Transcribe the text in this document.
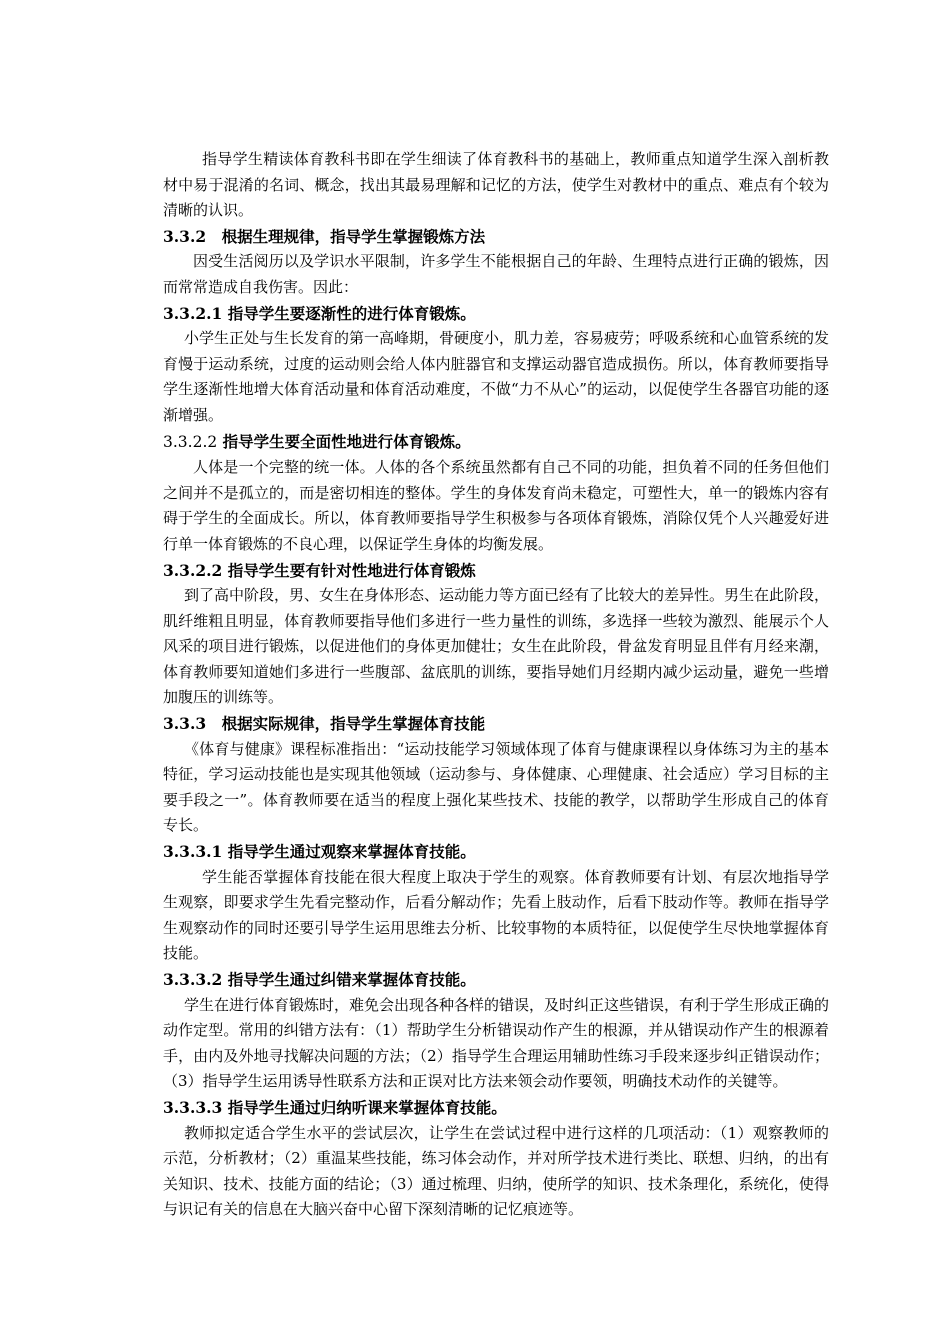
指导学生精读体育教科书即在学生细读了体育教科书的基础上，教师重点知道学生深入剖析教材中易于混淆的名词、概念，找出其最易理解和记忆的方法，使学生对教材中的重点、难点有个较为清晰的认识。

3.3.2　根据生理规律，指导学生掌握锻炼方法

因受生活阅历以及学识水平限制，许多学生不能根据自己的年龄、生理特点进行正确的锻炼，因而常常造成自我伤害。因此：

3.3.2.1 指导学生要逐渐性的进行体育锻炼。

小学生正处与生长发育的第一高峰期，骨硬度小，肌力差，容易疲劳；呼吸系统和心血管系统的发育慢于运动系统，过度的运动则会给人体内脏器官和支撑运动器官造成损伤。所以，体育教师要指导学生逐渐性地增大体育活动量和体育活动难度，不做“力不从心”的运动，以促使学生各器官功能的逐渐增强。

3.3.2.2 指导学生要全面性地进行体育锻炼。

人体是一个完整的统一体。人体的各个系统虽然都有自己不同的功能，担负着不同的任务但他们之间并不是孤立的，而是密切相连的整体。学生的身体发育尚未稳定，可塑性大，单一的锻炼内容有碍于学生的全面成长。所以，体育教师要指导学生积极参与各项体育锻炼，消除仅凭个人兴趣爱好进行单一体育锻炼的不良心理，以保证学生身体的均衡发展。

3.3.2.2 指导学生要有针对性地进行体育锻炼

到了高中阶段，男、女生在身体形态、运动能力等方面已经有了比较大的差异性。男生在此阶段，肌纤维粗且明显，体育教师要指导他们多进行一些力量性的训练，多选择一些较为激烈、能展示个人风采的项目进行锻炼，以促进他们的身体更加健壮；女生在此阶段，骨盆发育明显且伴有月经来潮，体育教师要知道她们多进行一些腹部、盆底肌的训练，要指导她们月经期内减少运动量，避免一些增加腹压的训练等。

3.3.3　根据实际规律，指导学生掌握体育技能

《体育与健康》课程标准指出：“运动技能学习领域体现了体育与健康课程以身体练习为主的基本特征，学习运动技能也是实现其他领域（运动参与、身体健康、心理健康、社会适应）学习目标的主要手段之一”。体育教师要在适当的程度上强化某些技术、技能的教学，以帮助学生形成自己的体育专长。

3.3.3.1 指导学生通过观察来掌握体育技能。

学生能否掌握体育技能在很大程度上取决于学生的观察。体育教师要有计划、有层次地指导学生观察，即要求学生先看完整动作，后看分解动作；先看上肢动作，后看下肢动作等。教师在指导学生观察动作的同时还要引导学生运用思维去分析、比较事物的本质特征，以促使学生尽快地掌握体育技能。

3.3.3.2 指导学生通过纠错来掌握体育技能。

学生在进行体育锻炼时，难免会出现各种各样的错误，及时纠正这些错误，有利于学生形成正确的动作定型。常用的纠错方法有：（1）帮助学生分析错误动作产生的根源，并从错误动作产生的根源着手，由内及外地寻找解决问题的方法；（2）指导学生合理运用辅助性练习手段来逐步纠正错误动作；（3）指导学生运用诱导性联系方法和正误对比方法来领会动作要领，明确技术动作的关键等。

3.3.3.3 指导学生通过归纳听课来掌握体育技能。

教师拟定适合学生水平的尝试层次，让学生在尝试过程中进行这样的几项活动：（1）观察教师的示范，分析教材；（2）重温某些技能，练习体会动作，并对所学技术进行类比、联想、归纳，的出有关知识、技术、技能方面的结论；（3）通过梳理、归纳，使所学的知识、技术条理化，系统化，使得与识记有关的信息在大脑兴奋中心留下深刻清晰的记忆痕迹等。
